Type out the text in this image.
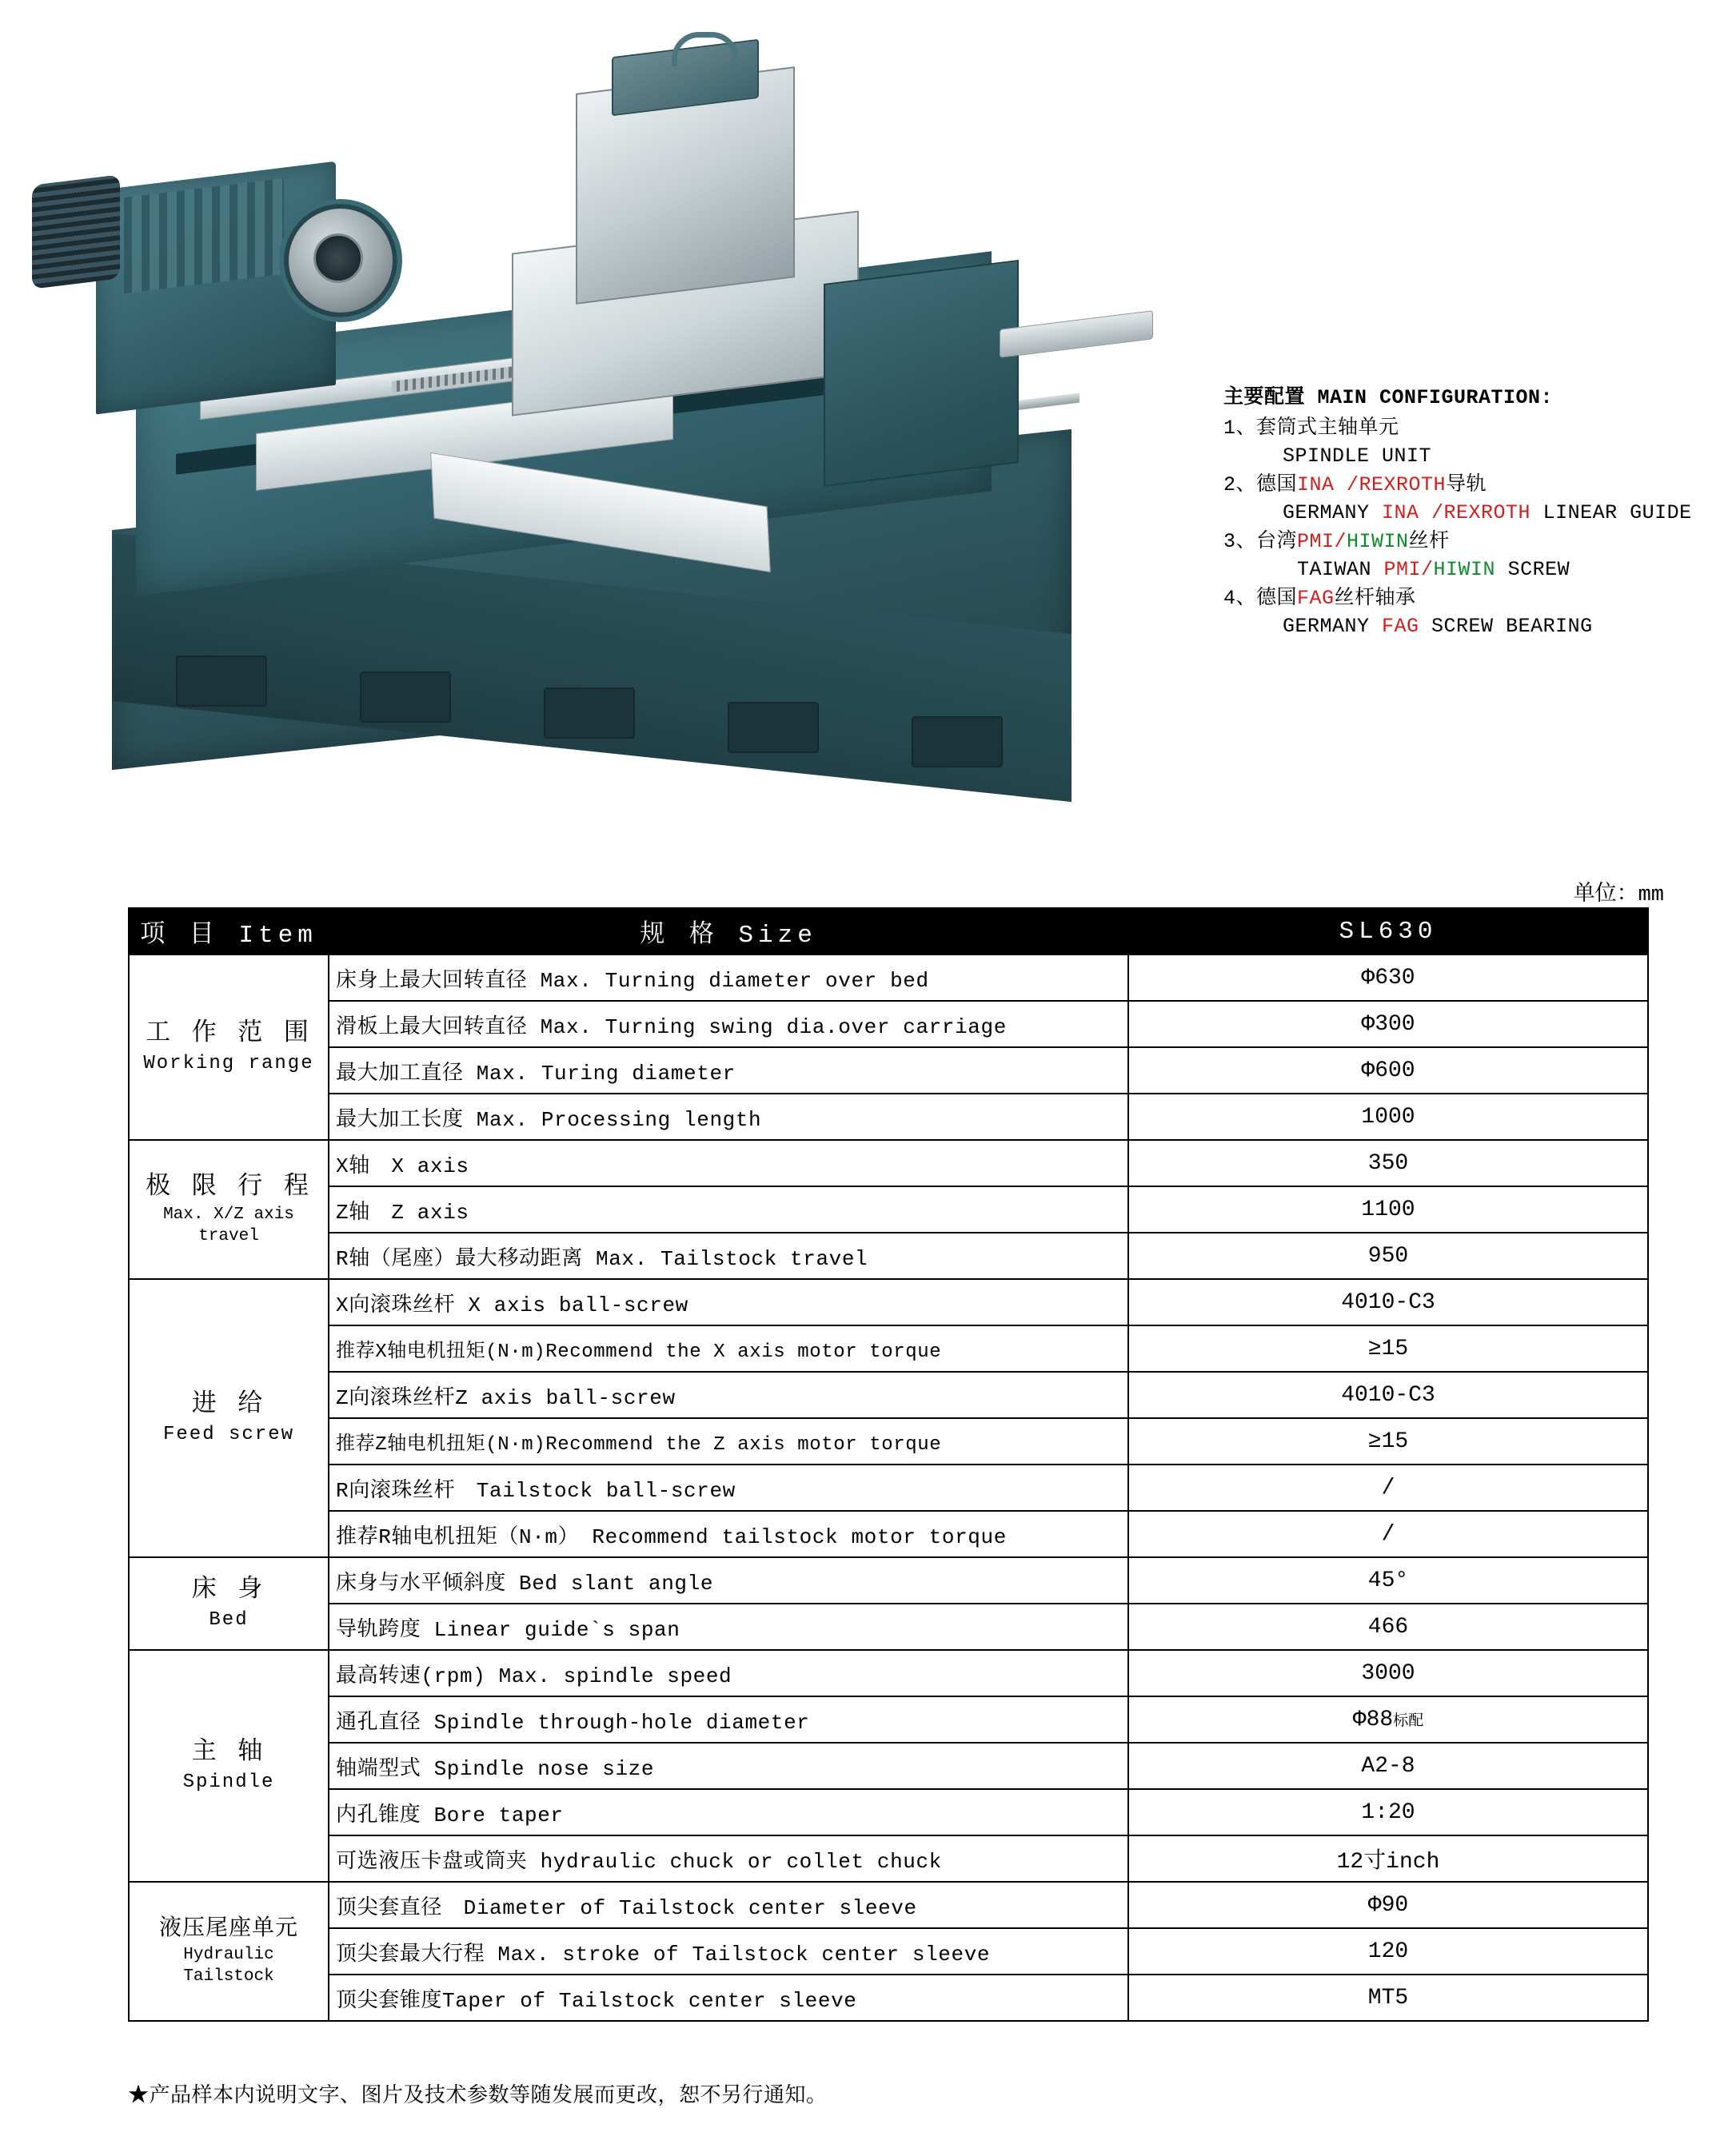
主要配置 MAIN CONFIGURATION:
1、套筒式主轴单元
SPINDLE UNIT
2、德国INA /REXROTH导轨
GERMANY INA /REXROTH LINEAR GUIDE
3、台湾PMI/HIWIN丝杆
TAIWAN PMI/HIWIN SCREW
4、德国FAG丝杆轴承
GERMANY FAG SCREW BEARING
单位：mm
项 目 Item	规 格 Size	SL630

工 作 范 围
Working range	床身上最大回转直径 Max. Turning diameter over bed	Φ630
	滑板上最大回转直径 Max. Turning swing dia.over carriage	Φ300
	最大加工直径 Max. Turing diameter	Φ600
	最大加工长度 Max. Processing length	1000

极 限 行 程
Max. X/Z axis travel	X轴　X axis	350
	Z轴　Z axis	1100
	R轴（尾座）最大移动距离 Max. Tailstock travel	950

进 给
Feed screw	X向滚珠丝杆 X axis ball-screw	4010-C3
	推荐X轴电机扭矩(N·m)Recommend the X axis motor torque	≥15
	Z向滚珠丝杆Z axis ball-screw	4010-C3
	推荐Z轴电机扭矩(N·m)Recommend the Z axis motor torque	≥15
	R向滚珠丝杆　Tailstock ball-screw	/
	推荐R轴电机扭矩（N·m） Recommend tailstock motor torque	/

床 身
Bed	床身与水平倾斜度 Bed slant angle	45°
	导轨跨度 Linear guide`s span	466

主 轴
Spindle	最高转速(rpm) Max. spindle speed	3000
	通孔直径 Spindle through-hole diameter	Φ88标配
	轴端型式 Spindle nose size	A2-8
	内孔锥度 Bore taper	1:20
	可选液压卡盘或筒夹 hydraulic chuck or collet chuck	12寸inch

液压尾座单元
Hydraulic Tailstock	顶尖套直径　Diameter of Tailstock center sleeve	Φ90
	顶尖套最大行程 Max. stroke of Tailstock center sleeve	120
	顶尖套锥度Taper of Tailstock center sleeve	MT5
★产品样本内说明文字、图片及技术参数等随发展而更改，恕不另行通知。
